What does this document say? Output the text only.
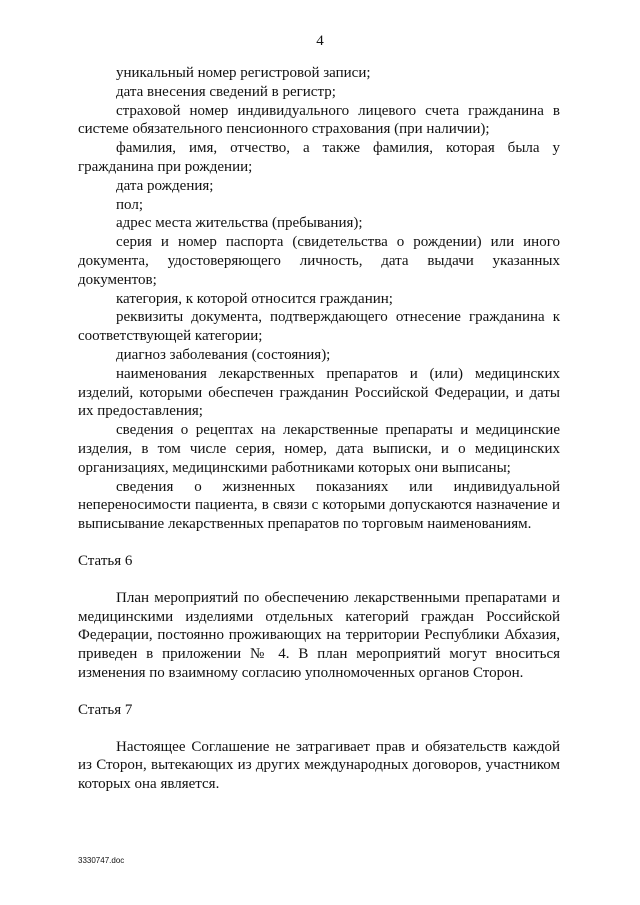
4

уникальный номер регистровой записи;

дата внесения сведений в регистр;

страховой номер индивидуального лицевого счета гражданина в системе обязательного пенсионного страхования (при наличии);

фамилия, имя, отчество, а также фамилия, которая была у гражданина при рождении;

дата рождения;

пол;

адрес места жительства (пребывания);

серия и номер паспорта (свидетельства о рождении) или иного документа, удостоверяющего личность, дата выдачи указанных документов;

категория, к которой относится гражданин;

реквизиты документа, подтверждающего отнесение гражданина к соответствующей категории;

диагноз заболевания (состояния);

наименования лекарственных препаратов и (или) медицинских изделий, которыми обеспечен гражданин Российской Федерации, и даты их предоставления;

сведения о рецептах на лекарственные препараты и медицинские изделия, в том числе серия, номер, дата выписки, и о медицинских организациях, медицинскими работниками которых они выписаны;

сведения о жизненных показаниях или индивидуальной непереносимости пациента, в связи с которыми допускаются назначение и выписывание лекарственных препаратов по торговым наименованиям.

Статья 6

План мероприятий по обеспечению лекарственными препаратами и медицинскими изделиями отдельных категорий граждан Российской Федерации, постоянно проживающих на территории Республики Абхазия, приведен в приложении № 4. В план мероприятий могут вноситься изменения по взаимному согласию уполномоченных органов Сторон.

Статья 7

Настоящее Соглашение не затрагивает прав и обязательств каждой из Сторон, вытекающих из других международных договоров, участником которых она является.

3330747.doc
